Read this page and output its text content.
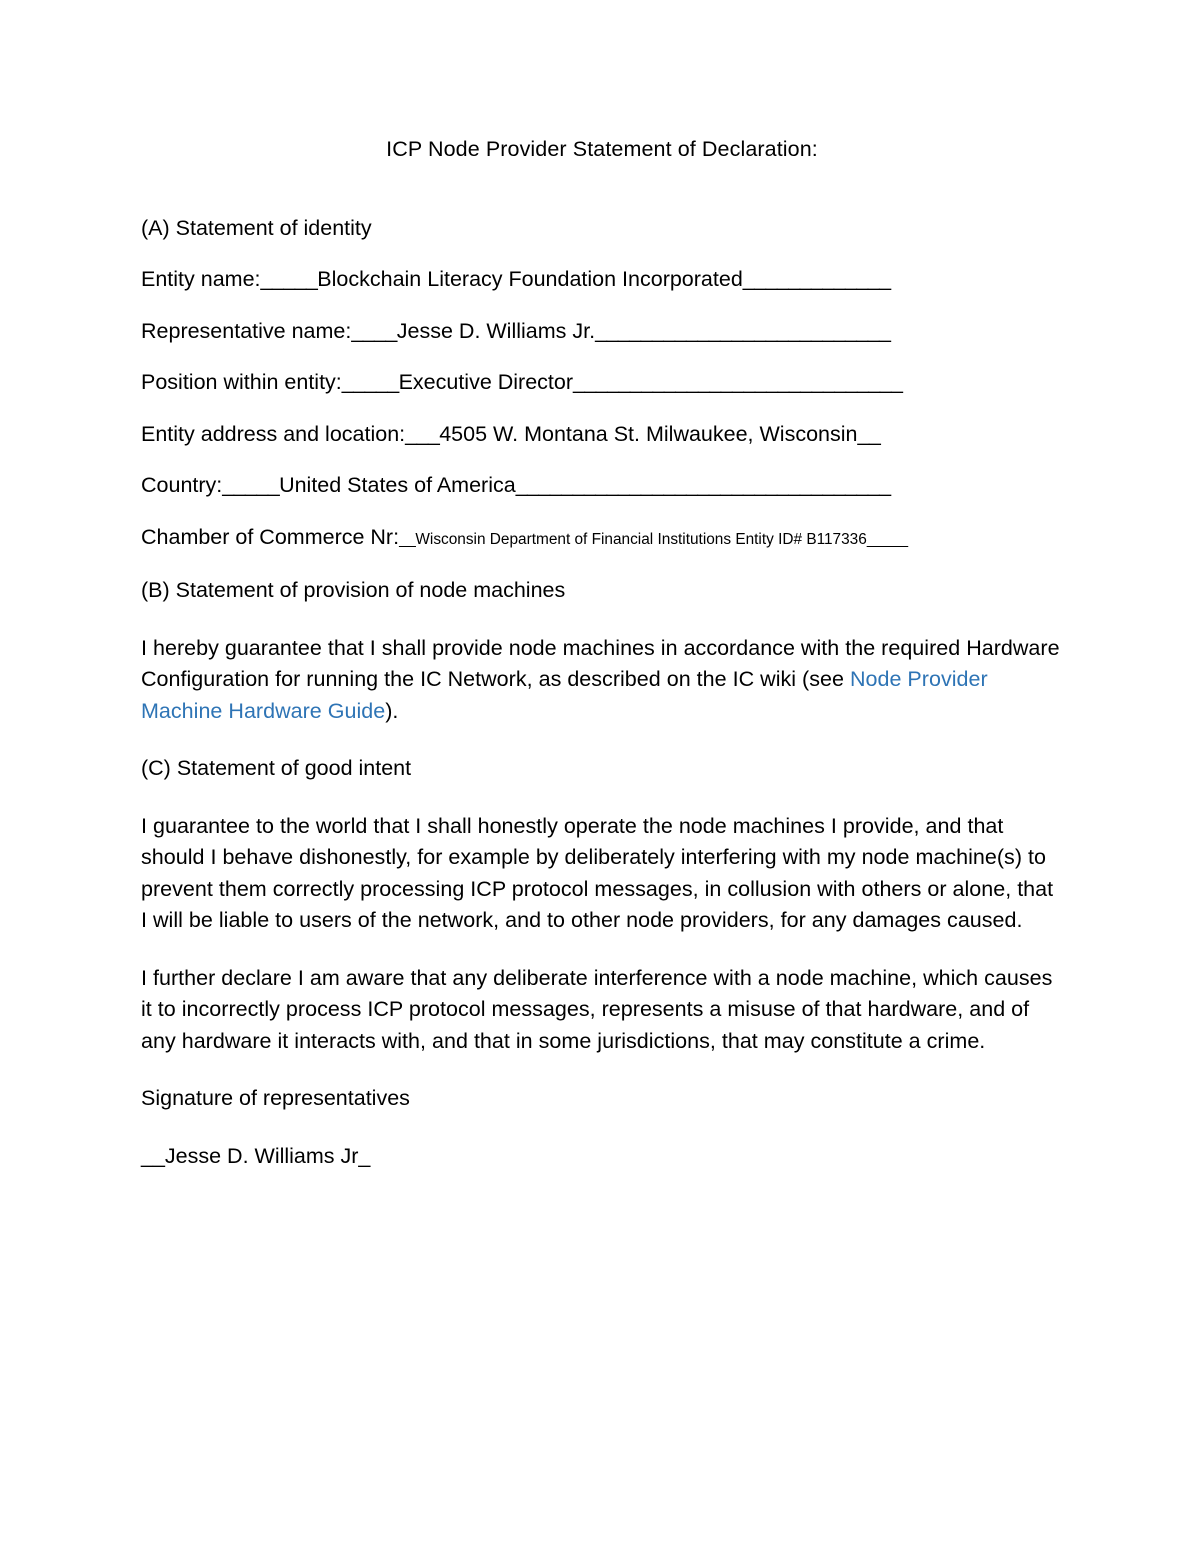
ICP Node Provider Statement of Declaration:

(A) Statement of identity

Entity name:_____Blockchain Literacy Foundation Incorporated_____________

Representative name:____Jesse D. Williams Jr.__________________________

Position within entity:_____Executive Director_____________________________

Entity address and location:___4505 W. Montana St. Milwaukee, Wisconsin__

Country:_____United States of America_________________________________

Chamber of Commerce Nr:__Wisconsin Department of Financial Institutions Entity ID# B117336_____

(B) Statement of provision of node machines

I hereby guarantee that I shall provide node machines in accordance with the required Hardware Configuration for running the IC Network, as described on the IC wiki (see Node Provider Machine Hardware Guide).

(C) Statement of good intent

I guarantee to the world that I shall honestly operate the node machines I provide, and that should I behave dishonestly, for example by deliberately interfering with my node machine(s) to prevent them correctly processing ICP protocol messages, in collusion with others or alone, that I will be liable to users of the network, and to other node providers, for any damages caused.

I further declare I am aware that any deliberate interference with a node machine, which causes it to incorrectly process ICP protocol messages, represents a misuse of that hardware, and of any hardware it interacts with, and that in some jurisdictions, that may constitute a crime.

Signature of representatives

__Jesse D. Williams Jr_
